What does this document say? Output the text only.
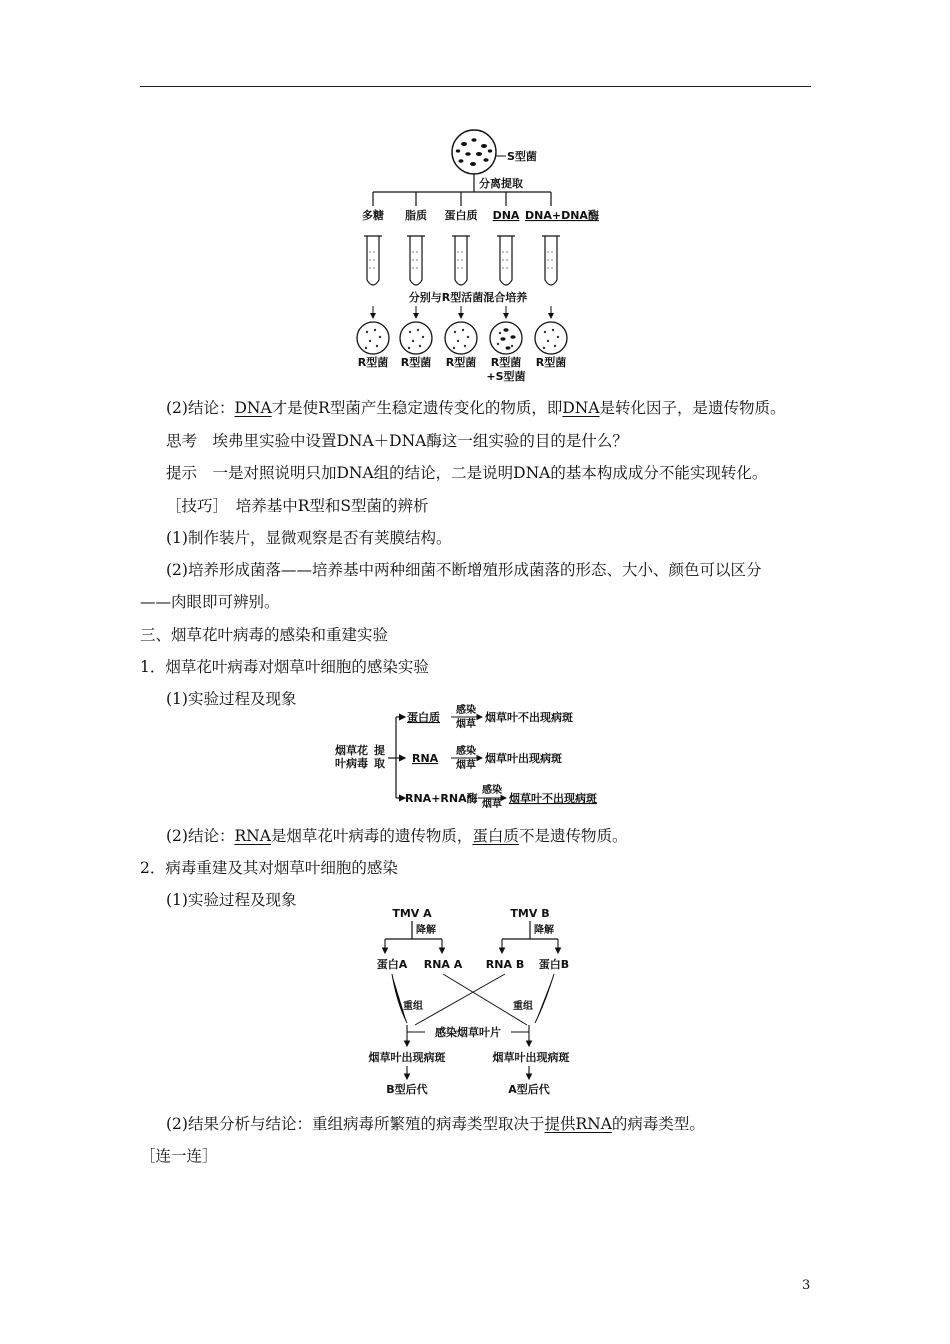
S型菌
分离提取
多糖 脂质 蛋白质 DNA DNA+DNA酶
分别与R型活菌混合培养
R型菌 R型菌 R型菌 R型菌
+S型菌
R型菌
(2)结论：DNA才是使R型菌产生稳定遗传变化的物质，即DNA是转化因子，是遗传物质。
思考　埃弗里实验中设置DNA＋DNA酶这一组实验的目的是什么？
提示　一是对照说明只加DNA组的结论，二是说明DNA的基本构成成分不能实现转化。
［技巧］　培养基中R型和S型菌的辨析
(1)制作装片，显微观察是否有荚膜结构。
(2)培养形成菌落——培养基中两种细菌不断增殖形成菌落的形态、大小、颜色可以区分
——肉眼即可辨别。
三、烟草花叶病毒的感染和重建实验
1．烟草花叶病毒对烟草叶细胞的感染实验
(1)实验过程及现象
烟草花
叶病毒
提
取
蛋白质
RNA
RNA+RNA酶
感染
烟草
感染
烟草
感染
烟草
烟草叶不出现病斑
烟草叶出现病斑
烟草叶不出现病斑
(2)结论：RNA是烟草花叶病毒的遗传物质，蛋白质不是遗传物质。
2．病毒重建及其对烟草叶细胞的感染
(1)实验过程及现象
TMV A	TMV B
降解	降解
蛋白A RNA A RNA B 蛋白B
重组	重组
感染烟草叶片
烟草叶出现病斑	烟草叶出现病斑
B型后代	A型后代
(2)结果分析与结论：重组病毒所繁殖的病毒类型取决于提供RNA的病毒类型。
［连一连］
3
